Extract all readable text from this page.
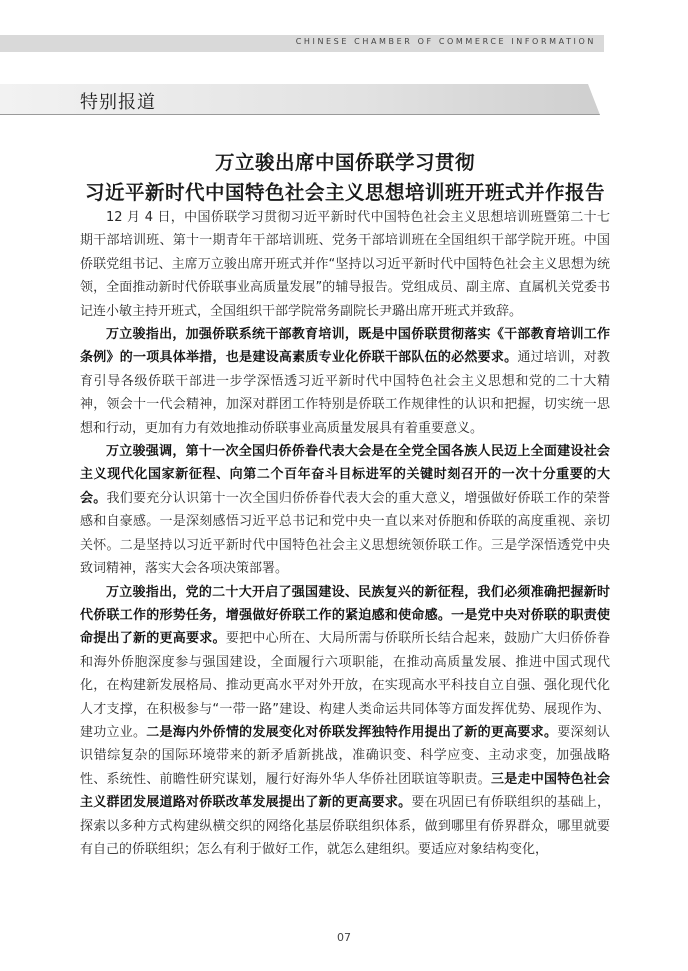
CHINESE CHAMBER OF COMMERCE INFORMATION
特别报道
万立骏出席中国侨联学习贯彻
习近平新时代中国特色社会主义思想培训班开班式并作报告

12 月 4 日，中国侨联学习贯彻习近平新时代中国特色社会主义思想培训班暨第二十七期干部培训班、第十一期青年干部培训班、党务干部培训班在全国组织干部学院开班。中国侨联党组书记、主席万立骏出席开班式并作“坚持以习近平新时代中国特色社会主义思想为统领，全面推动新时代侨联事业高质量发展”的辅导报告。党组成员、副主席、直属机关党委书记连小敏主持开班式，全国组织干部学院常务副院长尹璐出席开班式并致辞。

万立骏指出，加强侨联系统干部教育培训，既是中国侨联贯彻落实《干部教育培训工作条例》的一项具体举措，也是建设高素质专业化侨联干部队伍的必然要求。通过培训，对教育引导各级侨联干部进一步学深悟透习近平新时代中国特色社会主义思想和党的二十大精神，领会十一代会精神，加深对群团工作特别是侨联工作规律性的认识和把握，切实统一思想和行动，更加有力有效地推动侨联事业高质量发展具有着重要意义。

万立骏强调，第十一次全国归侨侨眷代表大会是在全党全国各族人民迈上全面建设社会主义现代化国家新征程、向第二个百年奋斗目标进军的关键时刻召开的一次十分重要的大会。我们要充分认识第十一次全国归侨侨眷代表大会的重大意义，增强做好侨联工作的荣誉感和自豪感。一是深刻感悟习近平总书记和党中央一直以来对侨胞和侨联的高度重视、亲切关怀。二是坚持以习近平新时代中国特色社会主义思想统领侨联工作。三是学深悟透党中央致词精神，落实大会各项决策部署。

万立骏指出，党的二十大开启了强国建设、民族复兴的新征程，我们必须准确把握新时代侨联工作的形势任务，增强做好侨联工作的紧迫感和使命感。一是党中央对侨联的职责使命提出了新的更高要求。要把中心所在、大局所需与侨联所长结合起来，鼓励广大归侨侨眷和海外侨胞深度参与强国建设，全面履行六项职能，在推动高质量发展、推进中国式现代化，在构建新发展格局、推动更高水平对外开放，在实现高水平科技自立自强、强化现代化人才支撑，在积极参与“一带一路”建设、构建人类命运共同体等方面发挥优势、展现作为、建功立业。二是海内外侨情的发展变化对侨联发挥独特作用提出了新的更高要求。要深刻认识错综复杂的国际环境带来的新矛盾新挑战，准确识变、科学应变、主动求变，加强战略性、系统性、前瞻性研究谋划，履行好海外华人华侨社团联谊等职责。三是走中国特色社会主义群团发展道路对侨联改革发展提出了新的更高要求。要在巩固已有侨联组织的基础上，探索以多种方式构建纵横交织的网络化基层侨联组织体系，做到哪里有侨界群众，哪里就要有自己的侨联组织；怎么有利于做好工作，就怎么建组织。要适应对象结构变化，

07
